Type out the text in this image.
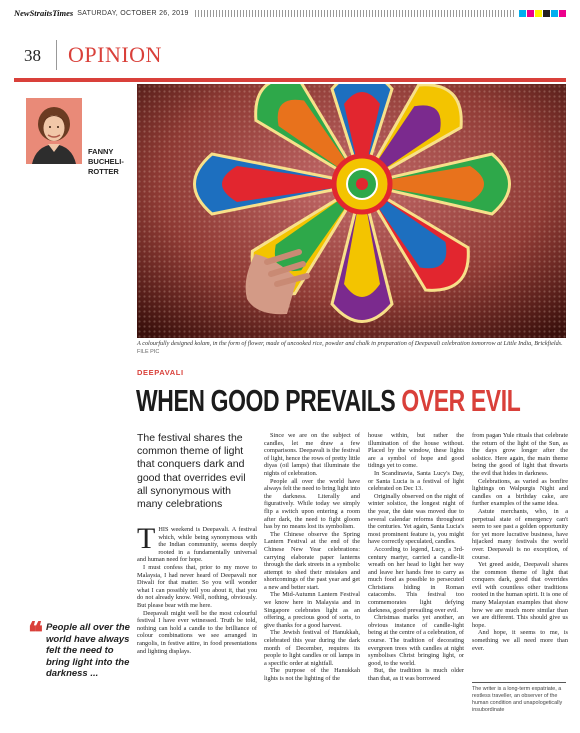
NewStraitsTimes SATURDAY, OCTOBER 26, 2019
38 OPINION
FANNY
BUCHELI-
ROTTER
A colourfully designed kolam, in the form of flower, made of uncooked rice, powder and chalk in preparation of Deepavali celebration tomorrow at Little India, Brickfields. FILE PIC
DEEPAVALI
WHEN GOOD PREVAILS OVER EVIL
The festival shares the common theme of light that conquers dark and good that overrides evil all synonymous with many celebrations

THIS weekend is Deepavali. A festival which, while being synonymous with the Indian community, seems deeply rooted in a fundamentally universal and human need for hope.

I must confess that, prior to my move to Malaysia, I had never heard of Deepavali nor Diwali for that matter. So you will wonder what I can possibly tell you about it, that you do not already know. Well, nothing, obviously. But please bear with me here.

Deepavali might well be the most colourful festival I have ever witnessed. Truth be told, nothing can hold a candle to the brilliance of colour combinations we see arranged in rangolis, in festive attire, in food presentations and lighting displays.

Since we are on the subject of candles, let me draw a few comparisons. Deepavali is the festival of light, hence the rows of pretty little diyas (oil lamps) that illuminate the nights of celebration.

People all over the world have always felt the need to bring light into the darkness. Literally and figuratively. While today we simply flip a switch upon entering a room after dark, the need to fight gloom has by no means lost its symbolism.

The Chinese observe the Spring Lantern Festival at the end of the Chinese New Year celebrations: carrying elaborate paper lanterns through the dark streets in a symbolic attempt to shed their mistakes and shortcomings of the past year and get a new and better start.

The Mid-Autumn Lantern Festival we know here in Malaysia and in Singapore celebrates light as an offering, a precious good of sorts, to give thanks for a good harvest.

The Jewish festival of Hanukkah, celebrated this year during the dark month of December, requires its people to light candles or oil lamps in a specific order at nightfall.

The purpose of the Hanukkah lights is not the lighting of the

house within, but rather the illumination of the house without. Placed by the window, these lights are a symbol of hope and good tidings yet to come.

In Scandinavia, Santa Lucy's Day, or Santa Lucia is a festival of light celebrated on Dec 13.

Originally observed on the night of winter solstice, the longest night of the year, the date was moved due to several calendar reforms throughout the centuries. Yet again, Santa Lucia's most prominent feature is, you might have correctly speculated, candles.

According to legend, Lucy, a 3rd-century martyr, carried a candle-lit wreath on her head to light her way and leave her hands free to carry as much food as possible to persecuted Christians hiding in Roman catacombs. This festival too commemorates light defying darkness, good prevailing over evil.

Christmas marks yet another, an obvious instance of candle-light being at the centre of a celebration, of course. The tradition of decorating evergreen trees with candles at night symbolises Christ bringing light, or good, to the world.

But, the tradition is much older than that, as it was borrowed

from pagan Yule rituals that celebrate the return of the light of the Sun, as the days grow longer after the solstice. Here again, the main theme being the good of light that thwarts the evil that hides in darkness.

Celebrations, as varied as bonfire lightings on Walpurgis Night and candles on a birthday cake, are further examples of the same idea.

Astute merchants, who, in a perpetual state of emergency can't seem to see past a golden opportunity for yet more lucrative business, have hijacked many festivals the world over. Deepavali is no exception, of course.

Yet greed aside, Deepavali shares the common theme of light that conquers dark, good that overrides evil with countless other traditions rooted in the human spirit. It is one of many Malaysian examples that show how we are much more similar than we are different. This should give us hope.

And hope, it seems to me, is something we all need more than ever.

❝ People all over the world have always felt the need to bring light into the darkness ...
The writer is a long-term expatriate, a restless traveller, an observer of the human condition and unapologetically insubordinate
